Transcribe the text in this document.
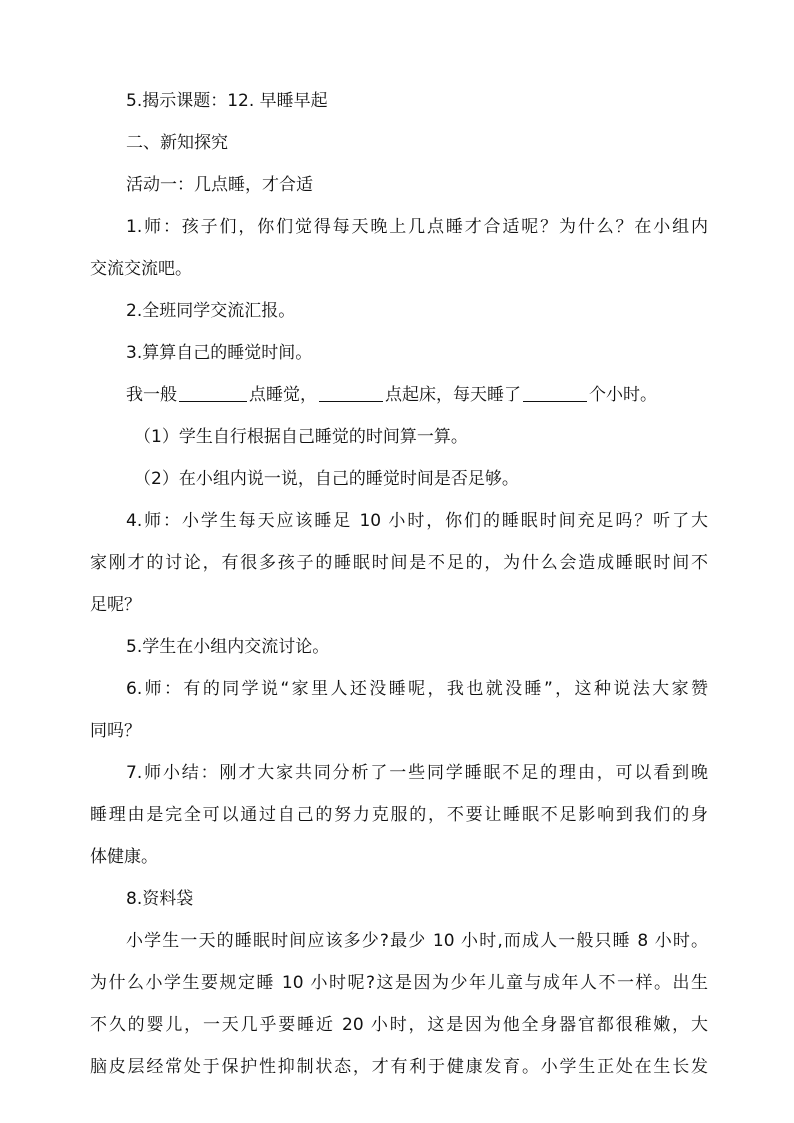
5.揭示课题：12. 早睡早起
二、新知探究
活动一：几点睡，才合适
1.师：孩子们，你们觉得每天晚上几点睡才合适呢？为什么？在小组内
交流交流吧。
2.全班同学交流汇报。
3.算算自己的睡觉时间。
我一般	点睡觉，	点起床，每天睡了	个小时。
（1）学生自行根据自己睡觉的时间算一算。
（2）在小组内说一说，自己的睡觉时间是否足够。
4.师：小学生每天应该睡足 10 小时，你们的睡眠时间充足吗？听了大
家刚才的讨论，有很多孩子的睡眠时间是不足的，为什么会造成睡眠时间不
足呢？
5.学生在小组内交流讨论。
6.师：有的同学说“家里人还没睡呢，我也就没睡”，这种说法大家赞
同吗？
7.师小结：刚才大家共同分析了一些同学睡眠不足的理由，可以看到晚
睡理由是完全可以通过自己的努力克服的，不要让睡眠不足影响到我们的身
体健康。
8.资料袋
小学生一天的睡眠时间应该多少?最少 10 小时,而成人一般只睡 8 小时。
为什么小学生要规定睡 10 小时呢?这是因为少年儿童与成年人不一样。出生
不久的婴儿，一天几乎要睡近 20 小时，这是因为他全身器官都很稚嫩，大
脑皮层经常处于保护性抑制状态，才有利于健康发育。小学生正处在生长发
